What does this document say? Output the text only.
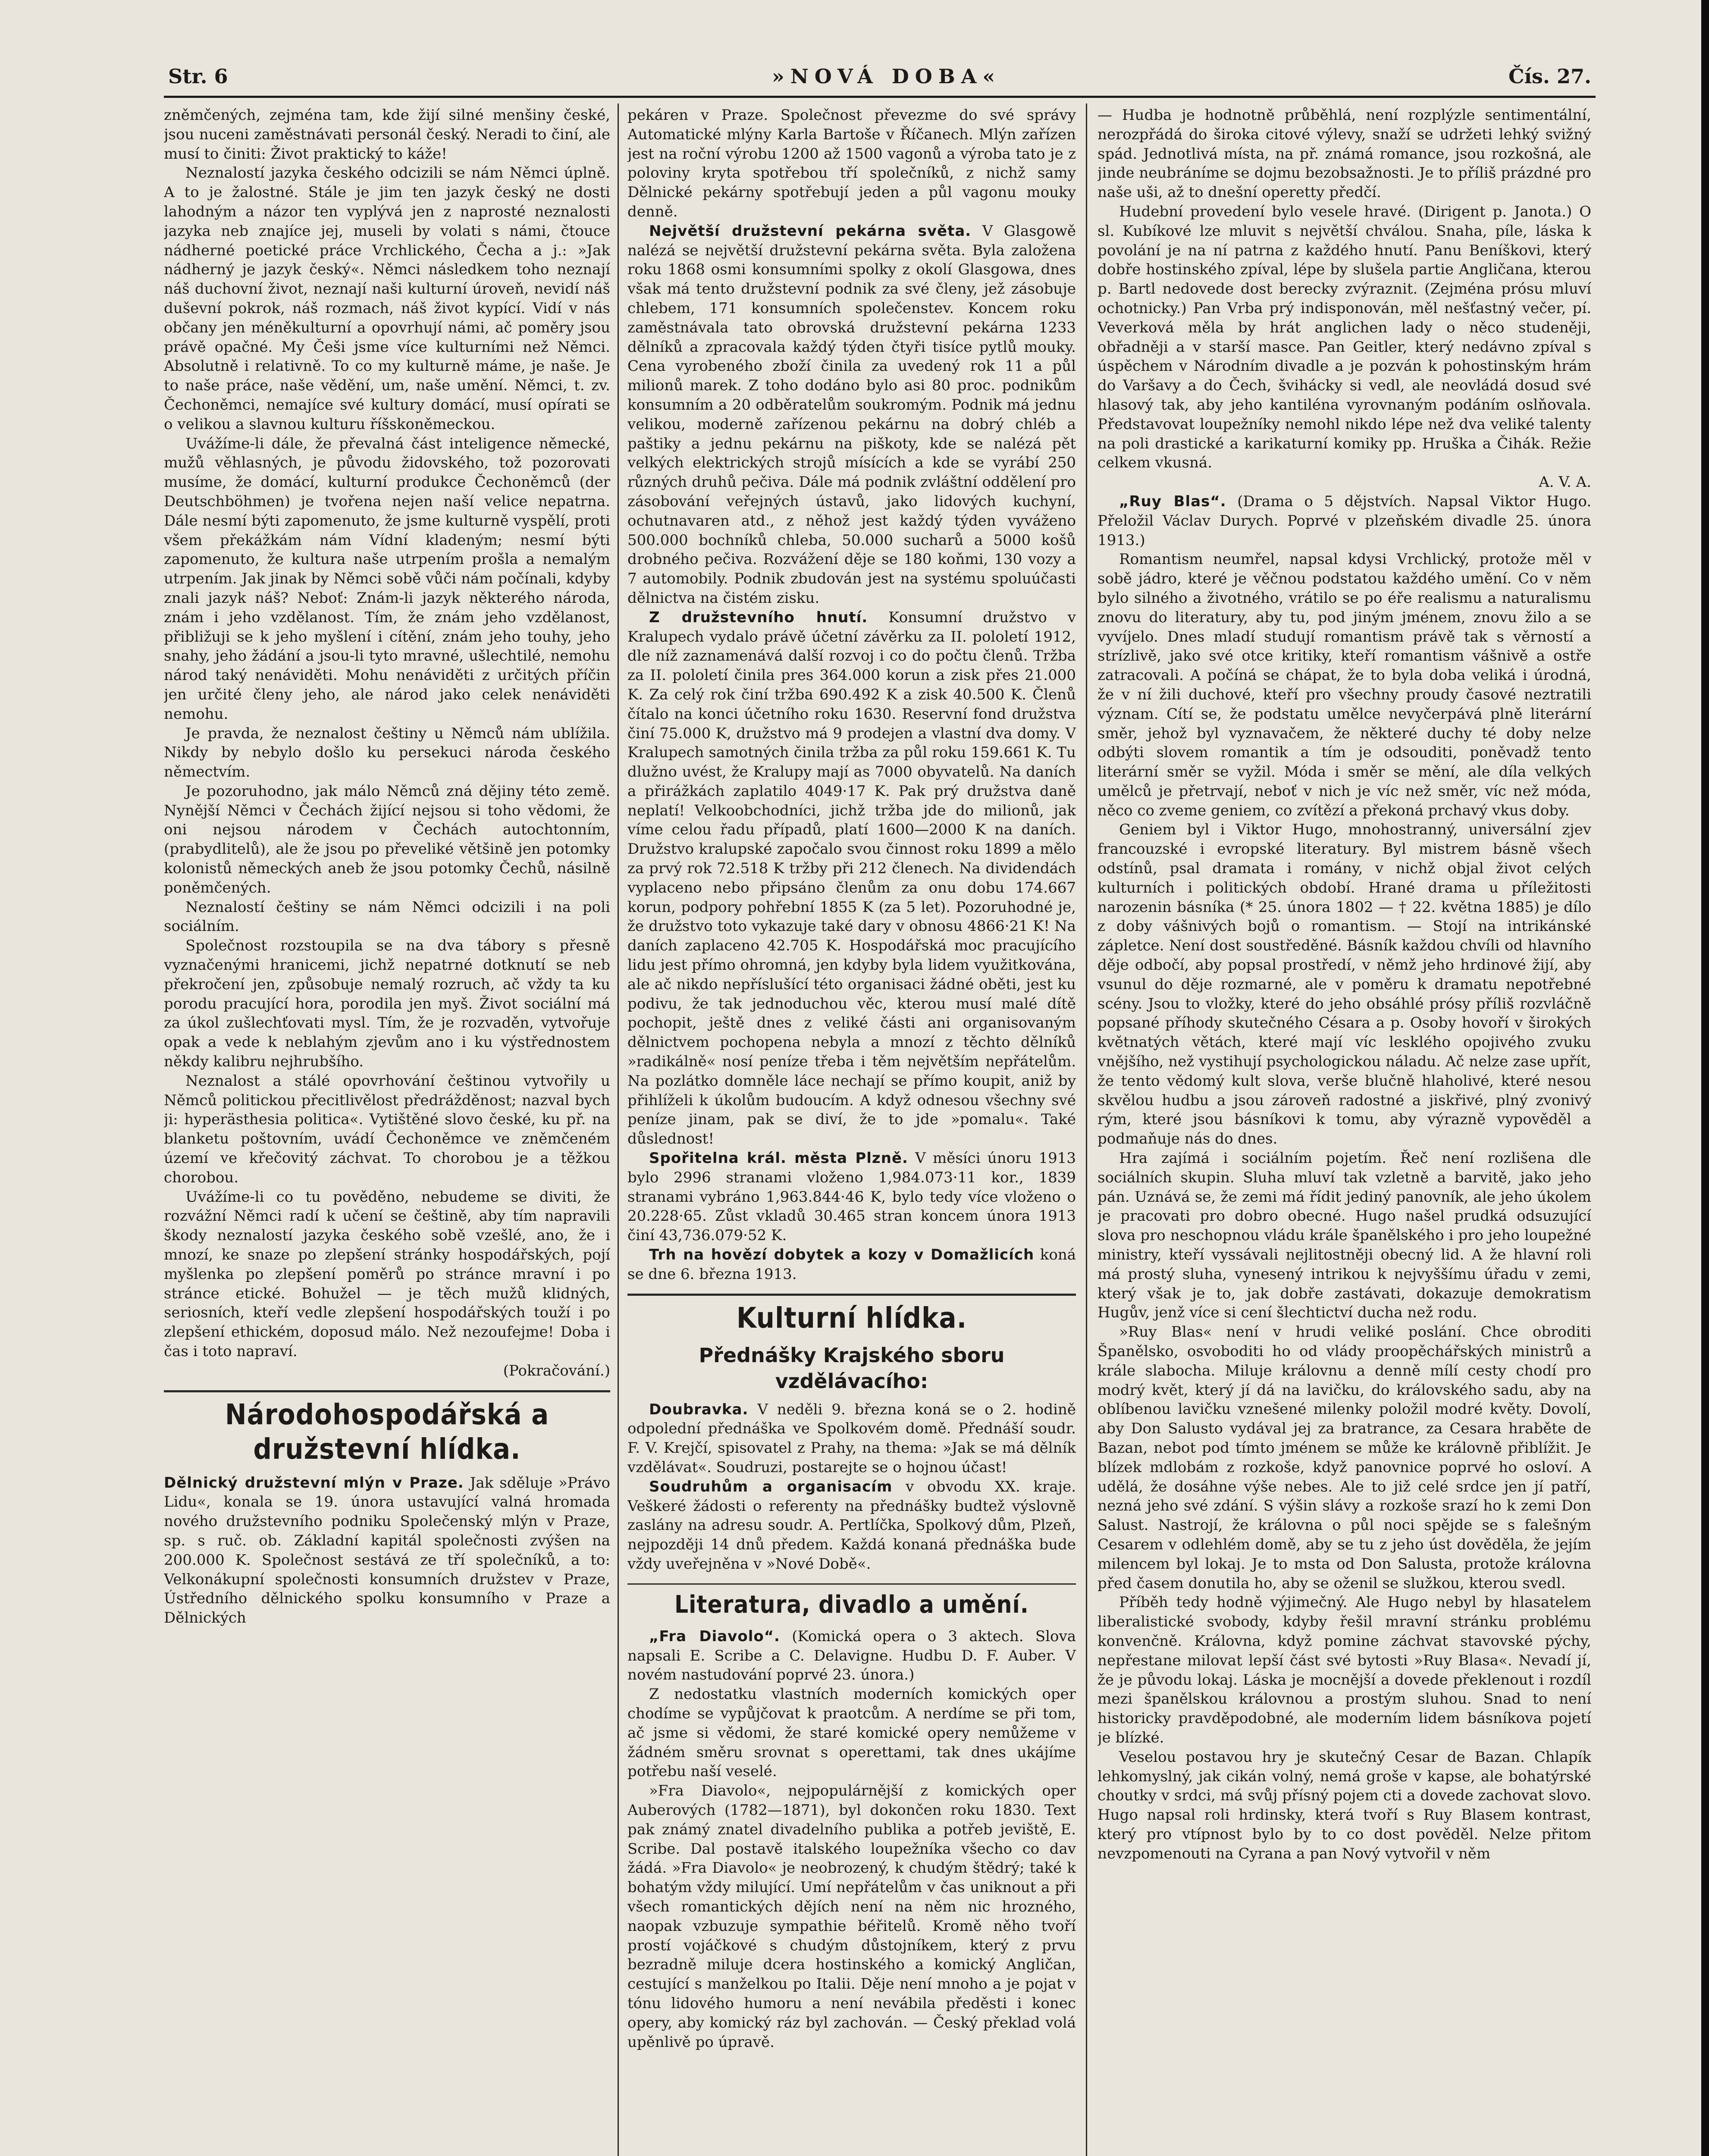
Str. 6	»NOVÁ DOBA«	Čís. 27.

zněmčených, zejména tam, kde žijí silné menšiny české, jsou nuceni zaměstnávati personál český. Neradi to činí, ale musí to činiti: Život praktický to káže!

Neznalostí jazyka českého odcizili se nám Němci úplně. A to je žalostné. Stále je jim ten jazyk český ne dosti lahodným a názor ten vyplývá jen z naprosté neznalosti jazyka neb znajíce jej, museli by volati s námi, čtouce nádherné poetické práce Vrchlického, Čecha a j.: »Jak nádherný je jazyk český«. Němci následkem toho neznají náš duchovní život, neznají naši kulturní úroveň, nevidí náš duševní pokrok, náš rozmach, náš život kypící. Vidí v nás občany jen méněkulturní a opovrhují námi, ač poměry jsou právě opačné. My Češi jsme více kulturními než Němci. Absolutně i relativně. To co my kulturně máme, je naše. Je to naše práce, naše vědění, um, naše umění. Němci, t. zv. Čechoněmci, nemajíce své kultury domácí, musí opírati se o velikou a slavnou kulturu říšskoněmeckou.

Uvážíme-li dále, že převalná část inteligence německé, mužů věhlasných, je původu židovského, tož pozorovati musíme, že domácí, kulturní produkce Čechoněmců (der Deutschböhmen) je tvořena nejen naší velice nepatrna. Dále nesmí býti zapomenuto, že jsme kulturně vyspělí, proti všem překážkám nám Vídní kladeným; nesmí býti zapomenuto, že kultura naše utrpením prošla a nemalým utrpením. Jak jinak by Němci sobě vůči nám počínali, kdyby znali jazyk náš? Neboť: Znám-li jazyk některého národa, znám i jeho vzdělanost. Tím, že znám jeho vzdělanost, přibližuji se k jeho myšlení i cítění, znám jeho touhy, jeho snahy, jeho žádání a jsou-li tyto mravné, ušlechtilé, nemohu národ taký nenáviděti. Mohu nenáviděti z určitých příčin jen určité členy jeho, ale národ jako celek nenáviděti nemohu.

Je pravda, že neznalost češtiny u Němců nám ublížila. Nikdy by nebylo došlo ku persekuci národa českého němectvím.

Je pozoruhodno, jak málo Němců zná dějiny této země. Nynější Němci v Čechách žijící nejsou si toho vědomi, že oni nejsou národem v Čechách autochtonním, (prabydlitelů), ale že jsou po převeliké většině jen potomky kolonistů německých aneb že jsou potomky Čechů, násilně poněmčených.

Neznalostí češtiny se nám Němci odcizili i na poli sociálním.

Společnost rozstoupila se na dva tábory s přesně vyznačenými hranicemi, jichž nepatrné dotknutí se neb překročení jen, způsobuje nemalý rozruch, ač vždy ta ku porodu pracující hora, porodila jen myš. Život sociální má za úkol zušlechťovati mysl. Tím, že je rozvaděn, vytvořuje opak a vede k neblahým zjevům ano i ku výstřednostem někdy kalibru nejhrubšího.

Neznalost a stálé opovrhování češtinou vytvořily u Němců politickou přecitlivělost předrážděnost; nazval bych ji: hyperästhesia politica«. Vytištěné slovo české, ku př. na blanketu poštovním, uvádí Čechoněmce ve zněmčeném území ve křečovitý záchvat. To chorobou je a těžkou chorobou.

Uvážíme-li co tu pověděno, nebudeme se diviti, že rozvážní Němci radí k učení se češtině, aby tím napravili škody neznalostí jazyka českého sobě vzešlé, ano, že i mnozí, ke snaze po zlepšení stránky hospodářských, pojí myšlenka po zlepšení poměrů po stránce mravní i po stránce etické. Bohužel — je těch mužů klidných, seriosních, kteří vedle zlepšení hospodářských touží i po zlepšení ethickém, doposud málo. Než nezoufejme! Doba i čas i toto napraví.

(Pokračování.)

Národohospodářská a družstevní hlídka.

Dělnický družstevní mlýn v Praze. Jak sděluje »Právo Lidu«, konala se 19. února ustavující valná hromada nového družstevního podniku Společenský mlýn v Praze, sp. s ruč. ob. Základní kapitál společnosti zvýšen na 200.000 K. Společnost sestává ze tří společníků, a to: Velkonákupní společnosti konsumních družstev v Praze, Ústředního dělnického spolku konsumního v Praze a Dělnických

pekáren v Praze. Společnost převezme do své správy Automatické mlýny Karla Bartoše v Říčanech. Mlýn zařízen jest na roční výrobu 1200 až 1500 vagonů a výroba tato je z poloviny kryta spotřebou tří společníků, z nichž samy Dělnické pekárny spotřebují jeden a půl vagonu mouky denně.

Největší družstevní pekárna světa. V Glasgowě nalézá se největší družstevní pekárna světa. Byla založena roku 1868 osmi konsumními spolky z okolí Glasgowa, dnes však má tento družstevní podnik za své členy, jež zásobuje chlebem, 171 konsumních společenstev. Koncem roku zaměstnávala tato obrovská družstevní pekárna 1233 dělníků a zpracovala každý týden čtyři tisíce pytlů mouky. Cena vyrobeného zboží činila za uvedený rok 11 a půl milionů marek. Z toho dodáno bylo asi 80 proc. podnikům konsumním a 20 odběratelům soukromým. Podnik má jednu velikou, moderně zařízenou pekárnu na dobrý chléb a paštiky a jednu pekárnu na piškoty, kde se nalézá pět velkých elektrických strojů mísících a kde se vyrábí 250 různých druhů pečiva. Dále má podnik zvláštní oddělení pro zásobování veřejných ústavů, jako lidových kuchyní, ochutnavaren atd., z něhož jest každý týden vyváženo 500.000 bochníků chleba, 50.000 sucharů a 5000 košů drobného pečiva. Rozvážení děje se 180 koňmi, 130 vozy a 7 automobily. Podnik zbudován jest na systému spoluúčasti dělnictva na čistém zisku.

Z družstevního hnutí. Konsumní družstvo v Kralupech vydalo právě účetní závěrku za II. pololetí 1912, dle níž zaznamenává další rozvoj i co do počtu členů. Tržba za II. pololetí činila pres 364.000 korun a zisk přes 21.000 K. Za celý rok činí tržba 690.492 K a zisk 40.500 K. Členů čítalo na konci účetního roku 1630. Reservní fond družstva činí 75.000 K, družstvo má 9 prodejen a vlastní dva domy. V Kralupech samotných činila tržba za půl roku 159.661 K. Tu dlužno uvést, že Kralupy mají as 7000 obyvatelů. Na daních a přirážkách zaplatilo 4049·17 K. Pak prý družstva daně neplatí! Velkoobchodníci, jichž tržba jde do milionů, jak víme celou řadu případů, platí 1600—2000 K na daních. Družstvo kralupské započalo svou činnost roku 1899 a mělo za prvý rok 72.518 K tržby při 212 členech. Na dividendách vyplaceno nebo připsáno členům za onu dobu 174.667 korun, podpory pohřební 1855 K (za 5 let). Pozoruhodné je, že družstvo toto vykazuje také dary v obnosu 4866·21 K! Na daních zaplaceno 42.705 K. Hospodářská moc pracujícího lidu jest přímo ohromná, jen kdyby byla lidem využitkována, ale ač nikdo nepříslušící této organisaci žádné oběti, jest ku podivu, že tak jednoduchou věc, kterou musí malé dítě pochopit, ještě dnes z veliké části ani organisovaným dělnictvem pochopena nebyla a mnozí z těchto dělníků »radikálně« nosí peníze třeba i těm největším nepřátelům. Na pozlátko domněle láce nechají se přímo koupit, aniž by přihlíželi k úkolům budoucím. A když odnesou všechny své peníze jinam, pak se diví, že to jde »pomalu«. Také důslednost!

Spořitelna král. města Plzně. V měsíci únoru 1913 bylo 2996 stranami vloženo 1,984.073·11 kor., 1839 stranami vybráno 1,963.844·46 K, bylo tedy více vloženo o 20.228·65. Zůst vkladů 30.465 stran koncem února 1913 činí 43,736.079·52 K.

Trh na hovězí dobytek a kozy v Domažlicích koná se dne 6. března 1913.

Kulturní hlídka.
Přednášky Krajského sboru vzdělávacího:

Doubravka. V neděli 9. března koná se o 2. hodině odpolední přednáška ve Spolkovém domě. Přednáší soudr. F. V. Krejčí, spisovatel z Prahy, na thema: »Jak se má dělník vzdělávat«. Soudruzi, postarejte se o hojnou účast!

Soudruhům a organisacím v obvodu XX. kraje. Veškeré žádosti o referenty na přednášky budtež výslovně zaslány na adresu soudr. A. Pertlíčka, Spolkový dům, Plzeň, nejpozději 14 dnů předem. Každá konaná přednáška bude vždy uveřejněna v »Nové Době«.

Literatura, divadlo a umění.

„Fra Diavolo“. (Komická opera o 3 aktech. Slova napsali E. Scribe a C. Delavigne. Hudbu D. F. Auber. V novém nastudování poprvé 23. února.)

Z nedostatku vlastních moderních komických oper chodíme se vypůjčovat k praotcům. A nerdíme se při tom, ač jsme si vědomi, že staré komické opery nemůžeme v žádném směru srovnat s operettami, tak dnes ukájíme potřebu naší veselé.

»Fra Diavolo«, nejpopulárnější z komických oper Auberových (1782—1871), byl dokončen roku 1830. Text pak známý znatel divadelního publika a potřeb jeviště, E. Scribe. Dal postavě italského loupežníka všecho co dav žádá. »Fra Diavolo« je neobrozený, k chudým štědrý; také k bohatým vždy milující. Umí nepřátelům v čas uniknout a při všech romantických dějích není na něm nic hrozného, naopak vzbuzuje sympathie béřitelů. Kromě něho tvoří prostí vojáčkové s chudým důstojníkem, který z prvu bezradně miluje dcera hostinského a komický Angličan, cestující s manželkou po Italii. Děje není mnoho a je pojat v tónu lidového humoru a není nevábila předěsti i konec opery, aby komický ráz byl zachován. — Český překlad volá upěnlivě po úpravě.

— Hudba je hodnotně průběhlá, není rozplýzle sentimentální, nerozpřádá do široka citové výlevy, snaží se udržeti lehký svižný spád. Jednotlivá místa, na př. známá romance, jsou rozkošná, ale jinde neubráníme se dojmu bezobsažnosti. Je to příliš prázdné pro naše uši, až to dnešní operetty předčí.

Hudební provedení bylo vesele hravé. (Dirigent p. Janota.) O sl. Kubíkové lze mluvit s největší chválou. Snaha, píle, láska k povolání je na ní patrna z každého hnutí. Panu Beníškovi, který dobře hostinského zpíval, lépe by slušela partie Angličana, kterou p. Bartl nedovede dost berecky zvýraznit. (Zejména prósu mluví ochotnicky.) Pan Vrba prý indisponován, měl nešťastný večer, pí. Veverková měla by hrát anglichen lady o něco studeněji, obřadněji a v starší masce. Pan Geitler, který nedávno zpíval s úspěchem v Národním divadle a je pozván k pohostinským hrám do Varšavy a do Čech, švihácky si vedl, ale neovládá dosud své hlasový tak, aby jeho kantiléna vyrovnaným podáním oslňovala. Představovat loupežníky nemohl nikdo lépe než dva veliké talenty na poli drastické a karikaturní komiky pp. Hruška a Čihák. Režie celkem vkusná.

A. V. A.

„Ruy Blas“. (Drama o 5 dějstvích. Napsal Viktor Hugo. Přeložil Václav Durych. Poprvé v plzeňském divadle 25. února 1913.)

Romantism neumřel, napsal kdysi Vrchlický, protože měl v sobě jádro, které je věčnou podstatou každého umění. Co v něm bylo silného a životného, vrátilo se po éře realismu a naturalismu znovu do literatury, aby tu, pod jiným jménem, znovu žilo a se vyvíjelo. Dnes mladí studují romantism právě tak s věrností a strízlivě, jako své otce kritiky, kteří romantism vášnivě a ostře zatracovali. A počíná se chápat, že to byla doba veliká i úrodná, že v ní žili duchové, kteří pro všechny proudy časové neztratili význam. Cítí se, že podstatu umělce nevyčerpává plně literární směr, jehož byl vyznavačem, že některé duchy té doby nelze odbýti slovem romantik a tím je odsouditi, poněvadž tento literární směr se vyžil. Móda i směr se mění, ale díla velkých umělců je přetrvají, neboť v nich je víc než směr, víc než móda, něco co zveme geniem, co zvítězí a překoná prchavý vkus doby.

Geniem byl i Viktor Hugo, mnohostranný, universální zjev francouzské i evropské literatury. Byl mistrem básně všech odstínů, psal dramata i romány, v nichž objal život celých kulturních i politických období. Hrané drama u příležitosti narozenin básníka (* 25. února 1802 — † 22. května 1885) je dílo z doby vášnivých bojů o romantism. — Stojí na intrikánské zápletce. Není dost soustředěné. Básník každou chvíli od hlavního děje odbočí, aby popsal prostředí, v němž jeho hrdinové žijí, aby vsunul do děje rozmarné, ale v poměru k dramatu nepotřebné scény. Jsou to vložky, které do jeho obsáhlé prósy příliš rozvláčně popsané příhody skutečného Césara a p. Osoby hovoří v širokých květnatých větách, které mají víc lesklého opojivého zvuku vnějšího, než vystihují psychologickou náladu. Ač nelze zase upřít, že tento vědomý kult slova, verše blučně hlaholivé, které nesou skvělou hudbu a jsou zároveň radostné a jiskřivé, plný zvonivý rým, které jsou básníkovi k tomu, aby výrazně vypověděl a podmaňuje nás do dnes.

Hra zajímá i sociálním pojetím. Řeč není rozlišena dle sociálních skupin. Sluha mluví tak vzletně a barvitě, jako jeho pán. Uznává se, že zemi má řídit jediný panovník, ale jeho úkolem je pracovati pro dobro obecné. Hugo našel prudká odsuzující slova pro neschopnou vládu krále španělského i pro jeho loupežné ministry, kteří vyssávali nejlitostněji obecný lid. A že hlavní roli má prostý sluha, vynesený intrikou k nejvyššímu úřadu v zemi, který však je to, jak dobře zastávati, dokazuje demokratism Hugův, jenž více si cení šlechtictví ducha než rodu.

»Ruy Blas« není v hrudi veliké poslání. Chce obroditi Španělsko, osvoboditi ho od vlády proopěchářských ministrů a krále slabocha. Miluje královnu a denně mílí cesty chodí pro modrý květ, který jí dá na lavičku, do královského sadu, aby na oblíbenou lavičku vznešené milenky položil modré květy. Dovolí, aby Don Salusto vydával jej za bratrance, za Cesara hraběte de Bazan, nebot pod tímto jménem se může ke královně přiblížit. Je blízek mdlobám z rozkoše, když panovnice poprvé ho osloví. A udělá, že dosáhne výše nebes. Ale to již celé srdce jen jí patří, nezná jeho své zdání. S výšin slávy a rozkoše srazí ho k zemi Don Salust. Nastrojí, že královna o půl noci spějde se s falešným Cesarem v odlehlém domě, aby se tu z jeho úst dověděla, že jejím milencem byl lokaj. Je to msta od Don Salusta, protože královna před časem donutila ho, aby se oženil se služkou, kterou svedl.

Příběh tedy hodně výjimečný. Ale Hugo nebyl by hlasatelem liberalistické svobody, kdyby řešil mravní stránku problému konvenčně. Královna, když pomine záchvat stavovské pýchy, nepřestane milovat lepší část své bytosti »Ruy Blasa«. Nevadí jí, že je původu lokaj. Láska je mocnější a dovede překlenout i rozdíl mezi španělskou královnou a prostým sluhou. Snad to není historicky pravděpodobné, ale moderním lidem básníkova pojetí je blízké.

Veselou postavou hry je skutečný Cesar de Bazan. Chlapík lehkomyslný, jak cikán volný, nemá groše v kapse, ale bohatýrské choutky v srdci, má svůj přísný pojem cti a dovede zachovat slovo. Hugo napsal roli hrdinsky, která tvoří s Ruy Blasem kontrast, který pro vtípnost bylo by to co dost pověděl. Nelze přitom nevzpomenouti na Cyrana a pan Nový vytvořil v něm
